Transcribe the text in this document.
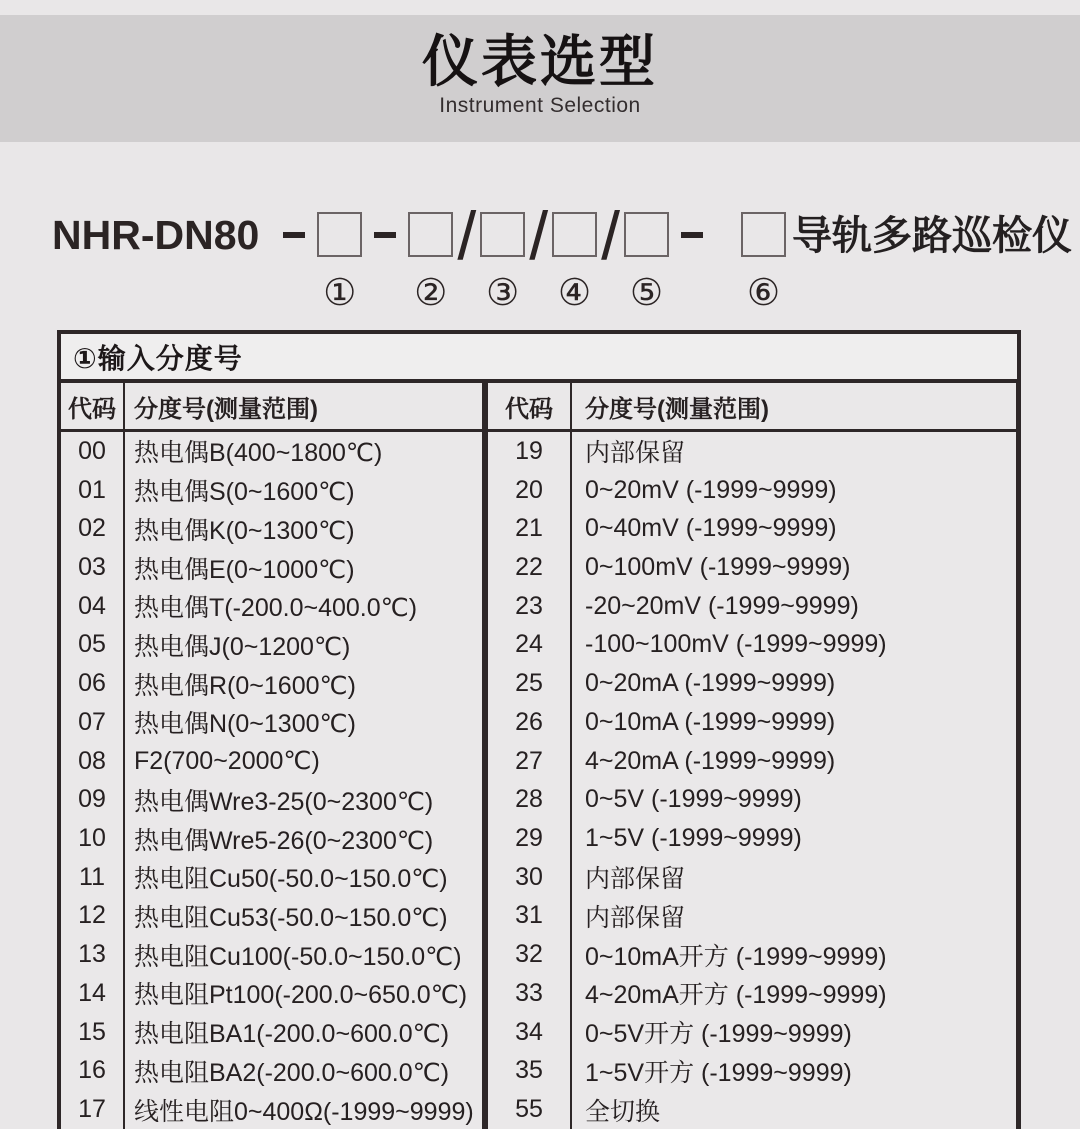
仪表选型
Instrument Selection
NHR-DN80
① ②
/
③
/
④
/
⑤ ⑥
导轨多路巡检仪
①输入分度号
代码 分度号(测量范围)	代码	分度号(测量范围)
00	热电偶B(400~1800℃)	19	内部保留
01	热电偶S(0~1600℃)	20	0~20mV (-1999~9999)
02	热电偶K(0~1300℃)	21	0~40mV (-1999~9999)
03	热电偶E(0~1000℃)	22	0~100mV (-1999~9999)
04	热电偶T(-200.0~400.0℃)	23	-20~20mV (-1999~9999)
05	热电偶J(0~1200℃)	24	-100~100mV (-1999~9999)
06	热电偶R(0~1600℃)	25	0~20mA (-1999~9999)
07	热电偶N(0~1300℃)	26	0~10mA (-1999~9999)
08	F2(700~2000℃)	27	4~20mA (-1999~9999)
09	热电偶Wre3-25(0~2300℃)	28	0~5V (-1999~9999)
10	热电偶Wre5-26(0~2300℃)	29	1~5V (-1999~9999)
11	热电阻Cu50(-50.0~150.0℃)	30	内部保留
12	热电阻Cu53(-50.0~150.0℃)	31	内部保留
13	热电阻Cu100(-50.0~150.0℃)	32	0~10mA开方 (-1999~9999)
14	热电阻Pt100(-200.0~650.0℃)	33	4~20mA开方 (-1999~9999)
15	热电阻BA1(-200.0~600.0℃)	34	0~5V开方 (-1999~9999)
16	热电阻BA2(-200.0~600.0℃)	35	1~5V开方 (-1999~9999)
17	线性电阻0~400Ω(-1999~9999)	55	全切换
